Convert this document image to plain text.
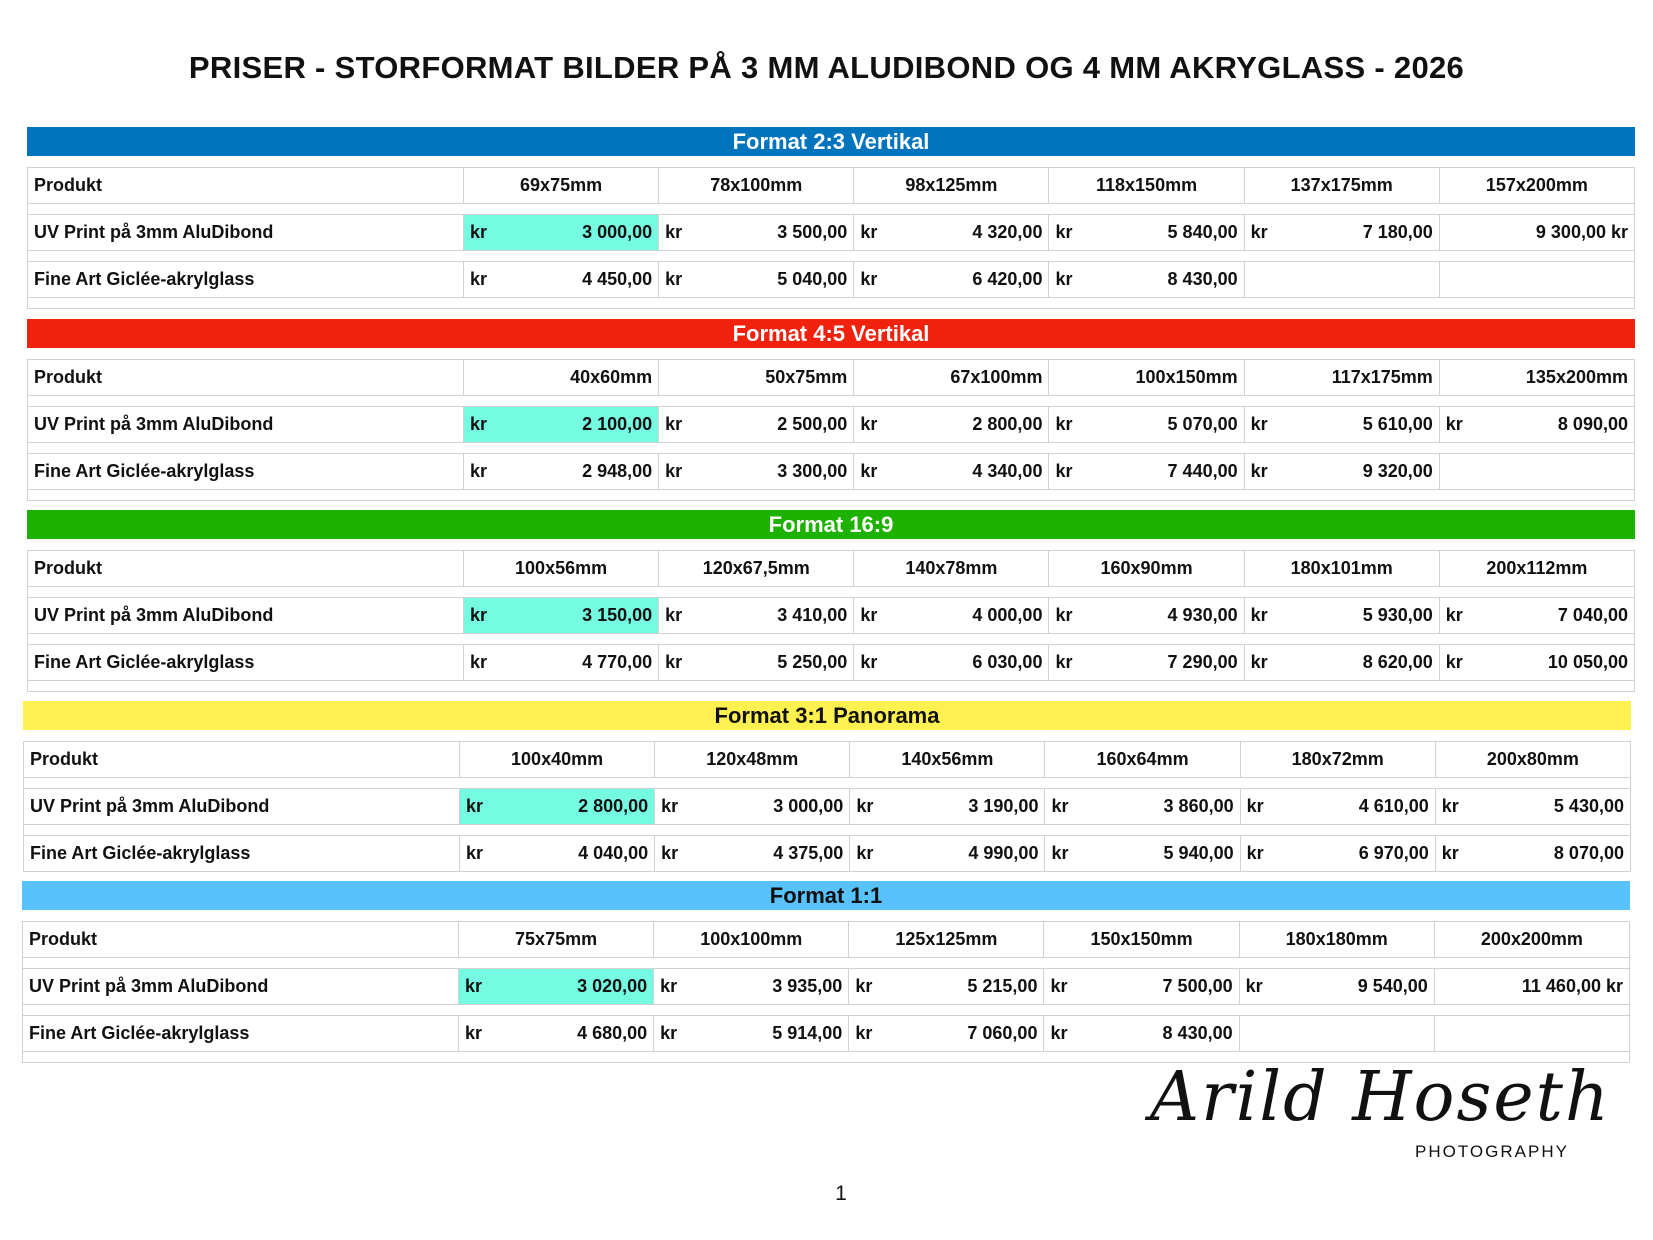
PRISER - STORFORMAT BILDER PÅ 3 MM ALUDIBOND OG 4 MM AKRYGLASS - 2026
Format 2:3 Vertikal
Produkt	69x75mm	78x100mm	98x125mm	118x150mm	137x175mm	157x200mm

UV Print på 3mm AluDibond	kr 3 000,00	kr 3 500,00	kr 4 320,00	kr 5 840,00	kr 7 180,00	9 300,00 kr

Fine Art Giclée-akrylglass	kr 4 450,00	kr 5 040,00	kr 6 420,00	kr 8 430,00		

Format 4:5 Vertikal
Produkt	40x60mm	50x75mm	67x100mm	100x150mm	117x175mm	135x200mm

UV Print på 3mm AluDibond	kr 2 100,00	kr 2 500,00	kr 2 800,00	kr 5 070,00	kr 5 610,00	kr 8 090,00

Fine Art Giclée-akrylglass	kr 2 948,00	kr 3 300,00	kr 4 340,00	kr 7 440,00	kr 9 320,00	

Format 16:9
Produkt	100x56mm	120x67,5mm	140x78mm	160x90mm	180x101mm	200x112mm

UV Print på 3mm AluDibond	kr 3 150,00	kr 3 410,00	kr 4 000,00	kr 4 930,00	kr 5 930,00	kr 7 040,00

Fine Art Giclée-akrylglass	kr 4 770,00	kr 5 250,00	kr 6 030,00	kr 7 290,00	kr 8 620,00	kr 10 050,00

Format 3:1 Panorama
Produkt	100x40mm	120x48mm	140x56mm	160x64mm	180x72mm	200x80mm

UV Print på 3mm AluDibond	kr 2 800,00	kr 3 000,00	kr 3 190,00	kr 3 860,00	kr 4 610,00	kr 5 430,00

Fine Art Giclée-akrylglass	kr 4 040,00	kr 4 375,00	kr 4 990,00	kr 5 940,00	kr 6 970,00	kr 8 070,00
Format 1:1
Produkt	75x75mm	100x100mm	125x125mm	150x150mm	180x180mm	200x200mm

UV Print på 3mm AluDibond	kr 3 020,00	kr 3 935,00	kr 5 215,00	kr 7 500,00	kr 9 540,00	11 460,00 kr

Fine Art Giclée-akrylglass	kr 4 680,00	kr 5 914,00	kr 7 060,00	kr 8 430,00		

Arild Hoseth
PHOTOGRAPHY
1
